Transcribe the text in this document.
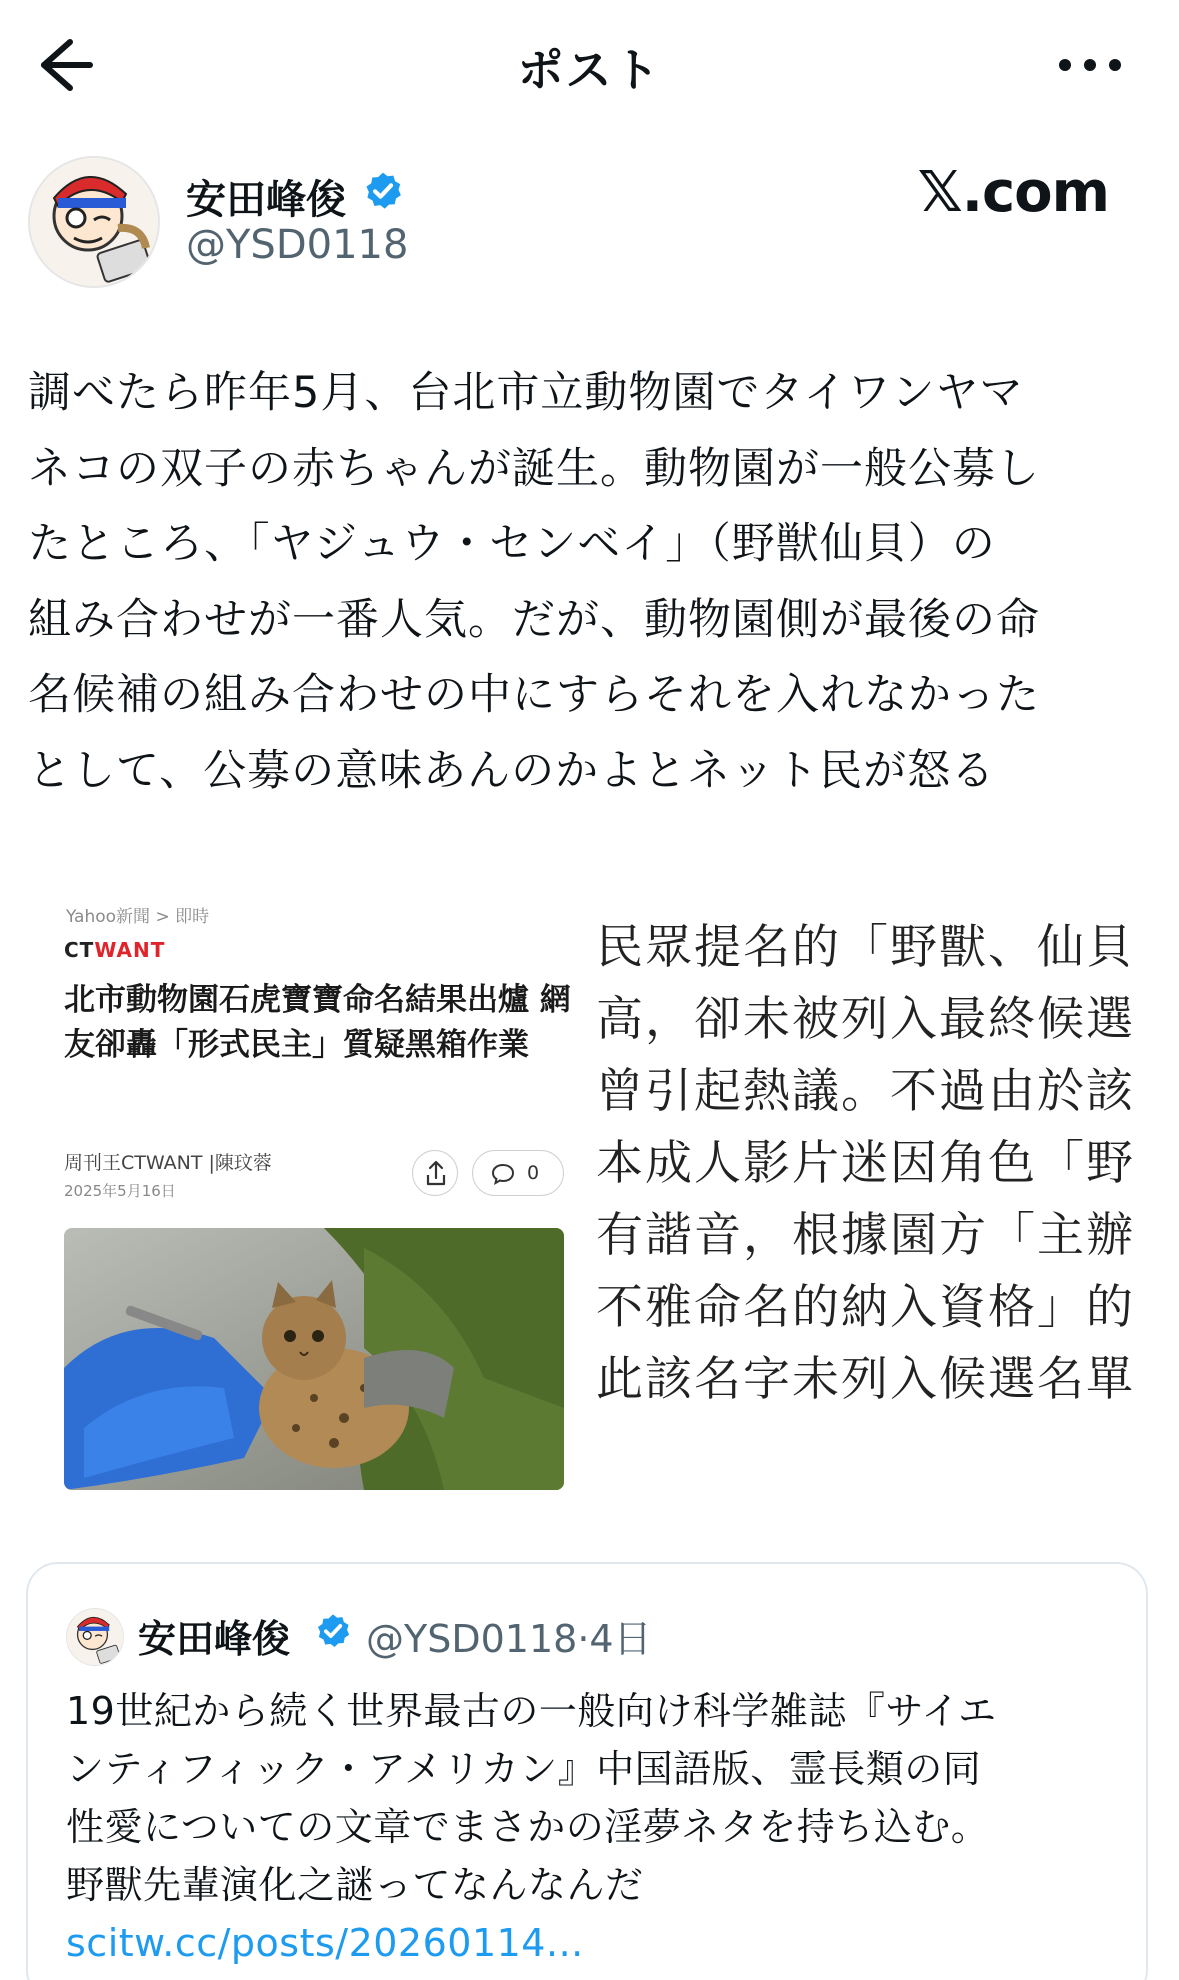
ポスト
安田峰俊
@YSD0118
𝕏.com
調べたら昨年5月、台北市立動物園でタイワンヤマ
ネコの双子の赤ちゃんが誕生。動物園が一般公募し
たところ、「ヤジュウ・センベイ」（野獣仙貝）の
組み合わせが一番人気。だが、動物園側が最後の命
名候補の組み合わせの中にすらそれを入れなかった
として、公募の意味あんのかよとネット民が怒る
Yahoo新聞 > 即時
CTWANT
北市動物園石虎寶寶命名結果出爐 網友卻轟「形式民主」質疑黑箱作業
周刊王CTWANT |陳玟蓉
2025年5月16日
0
民眾提名的「野獸、仙貝
高，卻未被列入最終候選
曾引起熱議。不過由於該
本成人影片迷因角色「野
有諧音，根據園方「主辦
不雅命名的納入資格」的
此該名字未列入候選名單
安田峰俊 @YSD0118·4日
19世紀から続く世界最古の一般向け科学雑誌『サイエ
ンティフィック・アメリカン』中国語版、霊長類の同
性愛についての文章でまさかの淫夢ネタを持ち込む。
野獸先輩演化之謎ってなんなんだ
scitw.cc/posts/20260114...
